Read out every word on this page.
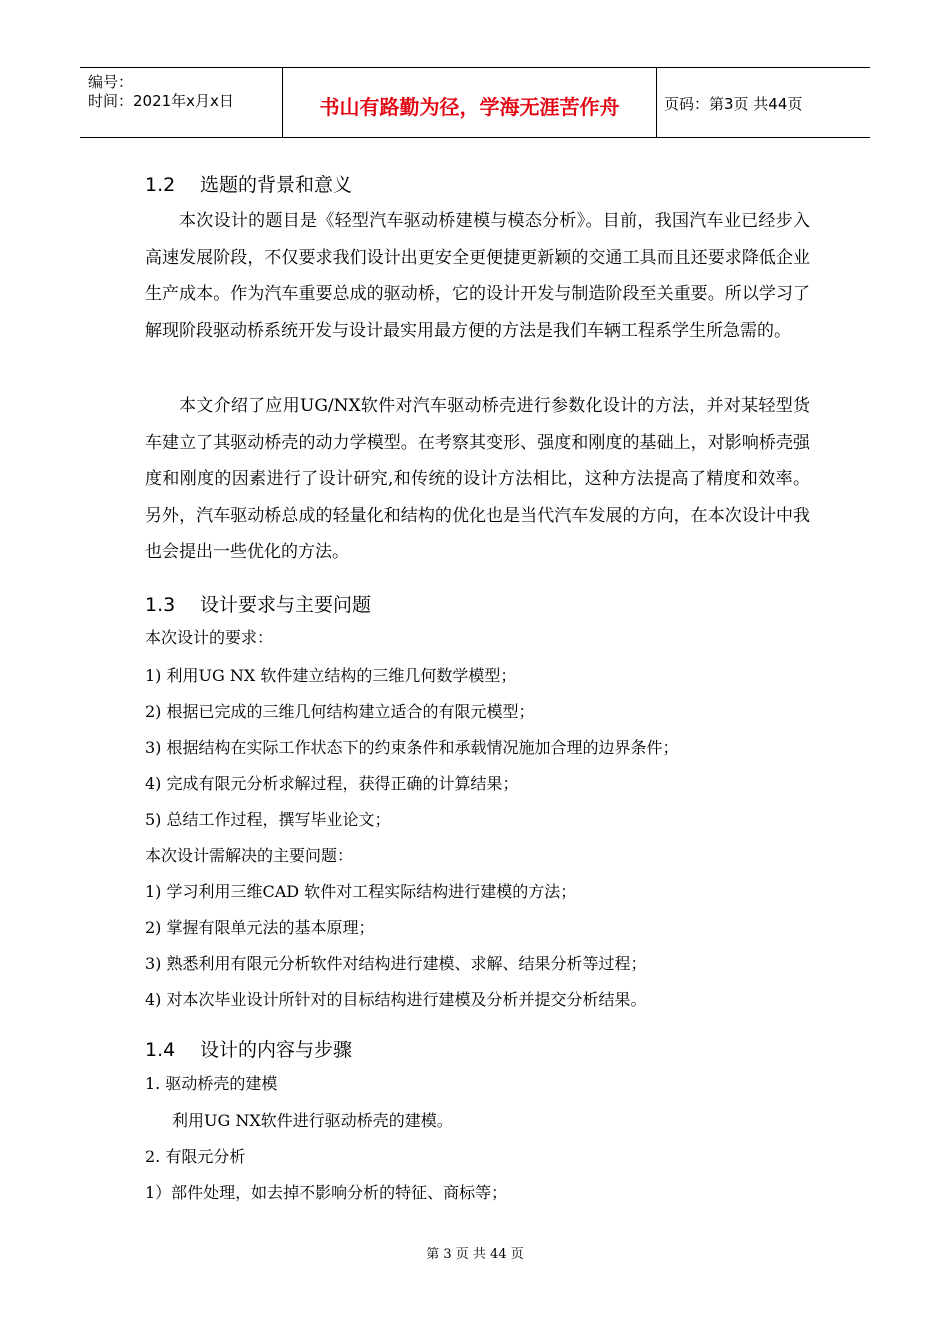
编号：
时间：2021年x月x日	书山有路勤为径，学海无涯苦作舟	页码：第3页 共44页
1.2 选题的背景和意义
本次设计的题目是《轻型汽车驱动桥建模与模态分析》。目前，我国汽车业已经步入高速发展阶段，不仅要求我们设计出更安全更便捷更新颖的交通工具而且还要求降低企业生产成本。作为汽车重要总成的驱动桥，它的设计开发与制造阶段至关重要。所以学习了解现阶段驱动桥系统开发与设计最实用最方便的方法是我们车辆工程系学生所急需的。
本文介绍了应用UG/NX软件对汽车驱动桥壳进行参数化设计的方法，并对某轻型货车建立了其驱动桥壳的动力学模型。在考察其变形、强度和刚度的基础上，对影响桥壳强度和刚度的因素进行了设计研究,和传统的设计方法相比，这种方法提高了精度和效率。另外，汽车驱动桥总成的轻量化和结构的优化也是当代汽车发展的方向，在本次设计中我也会提出一些优化的方法。
1.3 设计要求与主要问题
本次设计的要求：
1) 利用UG NX 软件建立结构的三维几何数学模型；
2) 根据已完成的三维几何结构建立适合的有限元模型；
3) 根据结构在实际工作状态下的约束条件和承载情况施加合理的边界条件；
4) 完成有限元分析求解过程，获得正确的计算结果；
5) 总结工作过程，撰写毕业论文；
本次设计需解决的主要问题：
1) 学习利用三维CAD 软件对工程实际结构进行建模的方法；
2) 掌握有限单元法的基本原理；
3) 熟悉利用有限元分析软件对结构进行建模、求解、结果分析等过程；
4) 对本次毕业设计所针对的目标结构进行建模及分析并提交分析结果。
1.4 设计的内容与步骤
1. 驱动桥壳的建模
利用UG NX软件进行驱动桥壳的建模。
2. 有限元分析
1）部件处理，如去掉不影响分析的特征、商标等；
第 3 页 共 44 页
